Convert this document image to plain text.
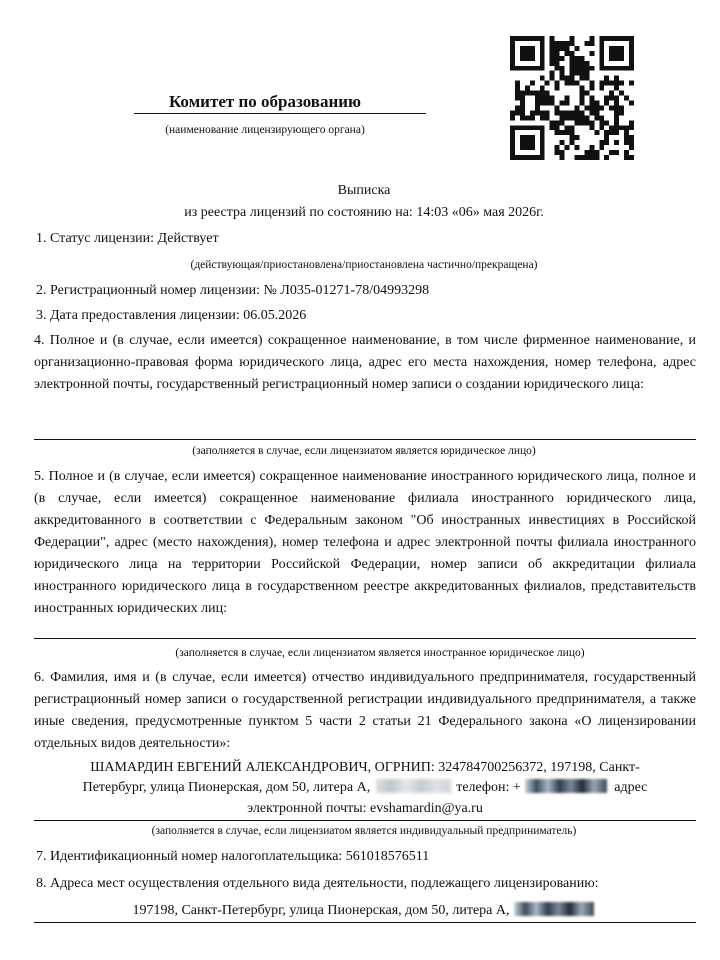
Комитет по образованию
(наименование лицензирующего органа)
Выписка
из реестра лицензий по состоянию на: 14:03 «06» мая 2026г.
1. Статус лицензии: Действует
(действующая/приостановлена/приостановлена частично/прекращена)
2. Регистрационный номер лицензии: № Л035-01271-78/04993298
3. Дата предоставления лицензии: 06.05.2026
4. Полное и (в случае, если имеется) сокращенное наименование, в том числе фирменное наименование, и организационно-правовая форма юридического лица, адрес его места нахождения, номер телефона, адрес электронной почты, государственный регистрационный номер записи о создании юридического лица:
(заполняется в случае, если лицензиатом является юридическое лицо)
5. Полное и (в случае, если имеется) сокращенное наименование иностранного юридического лица, полное и (в случае, если имеется) сокращенное наименование филиала иностранного юридического лица, аккредитованного в соответствии с Федеральным законом "Об иностранных инвестициях в Российской Федерации", адрес (место нахождения), номер телефона и адрес электронной почты филиала иностранного юридического лица на территории Российской Федерации, номер записи об аккредитации филиала иностранного юридического лица в государственном реестре аккредитованных филиалов, представительств иностранных юридических лиц:
(заполняется в случае, если лицензиатом является иностранное юридическое лицо)
6. Фамилия, имя и (в случае, если имеется) отчество индивидуального предпринимателя, государственный регистрационный номер записи о государственной регистрации индивидуального предпринимателя, а также иные сведения, предусмотренные пунктом 5 части 2 статьи 21 Федерального закона «О лицензировании отдельных видов деятельности»:
ШАМАРДИН ЕВГЕНИЙ АЛЕКСАНДРОВИЧ, ОГРНИП: 324784700256372, 197198, Санкт-
Петербург, улица Пионерская, дом 50, литера А,	телефон: +	адрес
электронной почты: evshamardin@ya.ru
(заполняется в случае, если лицензиатом является индивидуальный предприниматель)
7. Идентификационный номер налогоплательщика: 561018576511
8. Адреса мест осуществления отдельного вида деятельности, подлежащего лицензированию:
197198, Санкт-Петербург, улица Пионерская, дом 50, литера А,
